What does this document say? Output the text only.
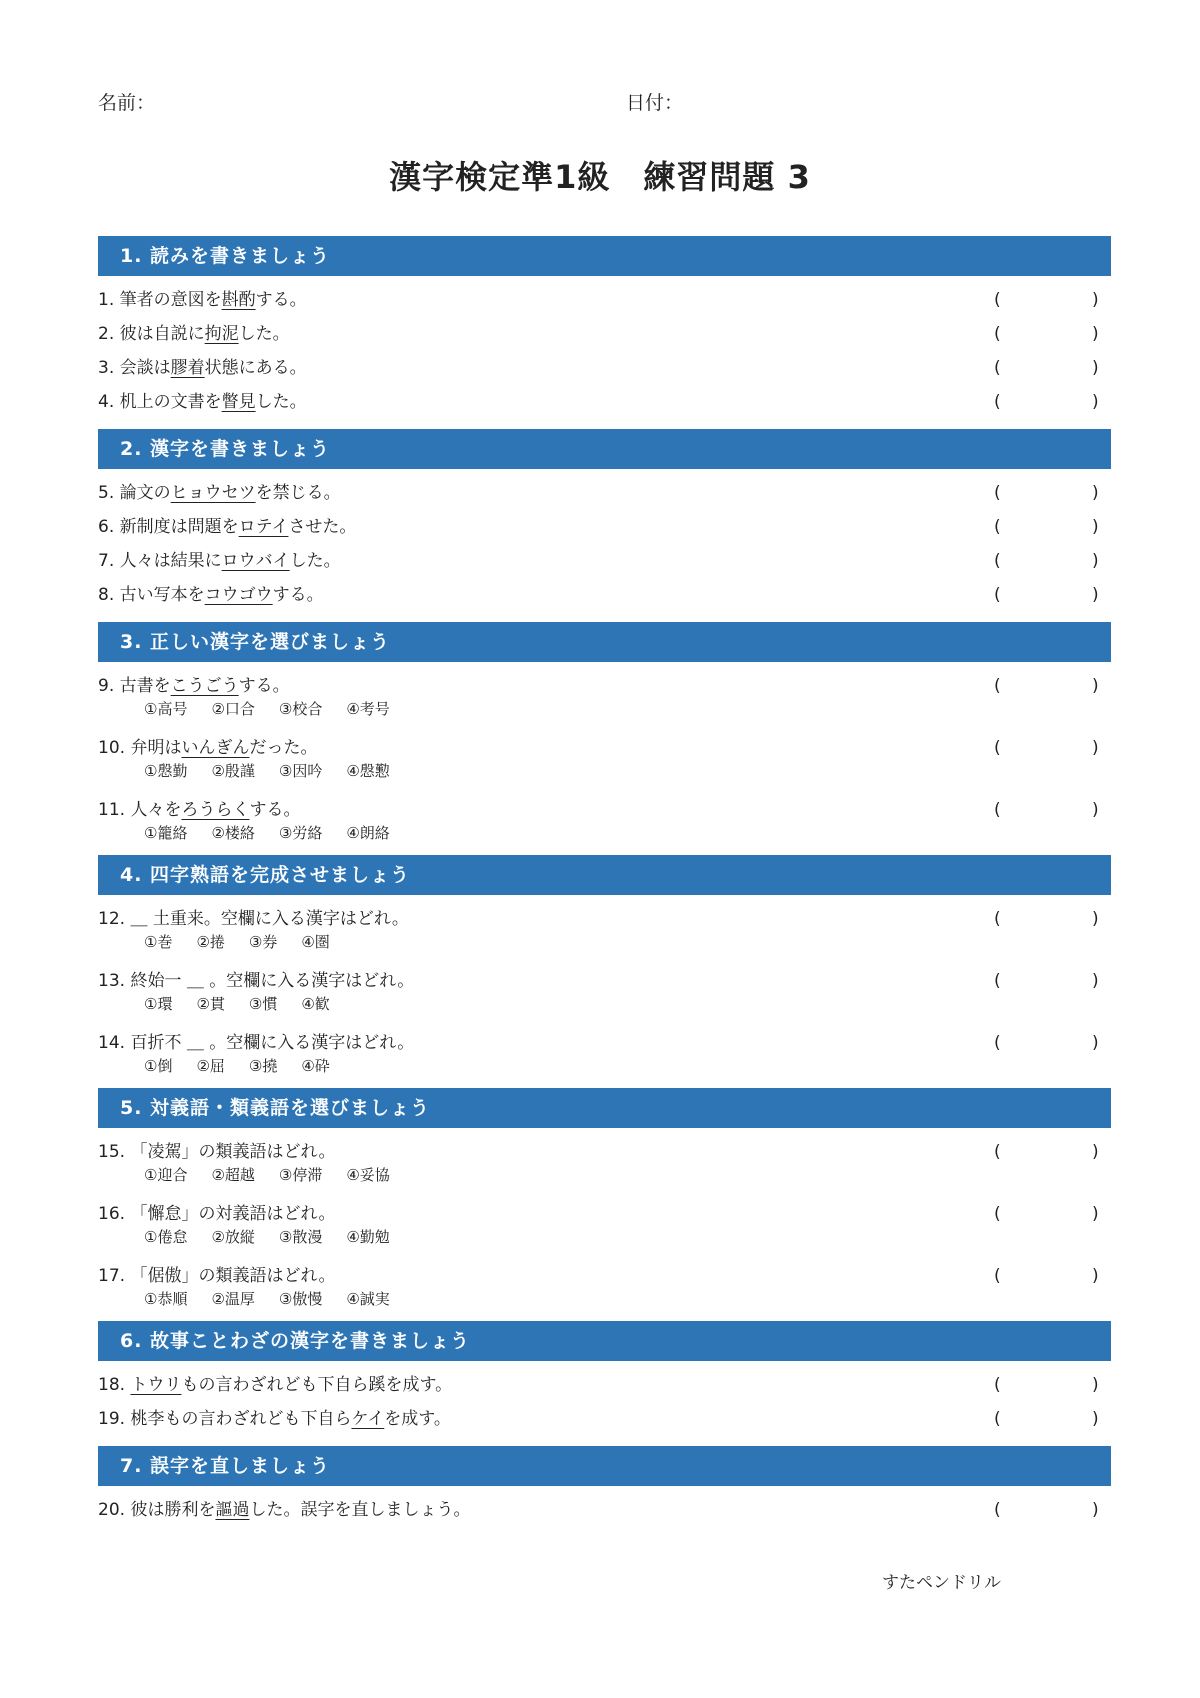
名前：	日付：
漢字検定準1級　練習問題 3
1. 読みを書きましょう
1. 筆者の意図を斟酌する。	(	)
2. 彼は自説に拘泥した。	(	)
3. 会談は膠着状態にある。	(	)
4. 机上の文書を瞥見した。	(	)
2. 漢字を書きましょう
5. 論文のヒョウセツを禁じる。	(	)
6. 新制度は問題をロテイさせた。	(	)
7. 人々は結果にロウバイした。	(	)
8. 古い写本をコウゴウする。	(	)
3. 正しい漢字を選びましょう
9. 古書をこうごうする。	(	)
①高号 ②口合 ③校合 ④考号
10. 弁明はいんぎんだった。	(	)
①慇勤 ②殷謹 ③因吟 ④慇懃
11. 人々をろうらくする。	(	)
①籠絡 ②楼絡 ③労絡 ④朗絡
4. 四字熟語を完成させましょう
12. ＿ 土重来。空欄に入る漢字はどれ。	(	)
①巻 ②捲 ③券 ④圏
13. 終始一 ＿ 。空欄に入る漢字はどれ。	(	)
①環 ②貫 ③慣 ④歓
14. 百折不 ＿ 。空欄に入る漢字はどれ。	(	)
①倒 ②屈 ③撓 ④砕
5. 対義語・類義語を選びましょう
15. 「凌駕」の類義語はどれ。	(	)
①迎合 ②超越 ③停滞 ④妥協
16. 「懈怠」の対義語はどれ。	(	)
①倦怠 ②放縦 ③散漫 ④勤勉
17. 「倨傲」の類義語はどれ。	(	)
①恭順 ②温厚 ③傲慢 ④誠実
6. 故事ことわざの漢字を書きましょう
18. トウリもの言わざれども下自ら蹊を成す。	(	)
19. 桃李もの言わざれども下自らケイを成す。	(	)
7. 誤字を直しましょう
20. 彼は勝利を謳過した。誤字を直しましょう。	(	)
すたペンドリル
